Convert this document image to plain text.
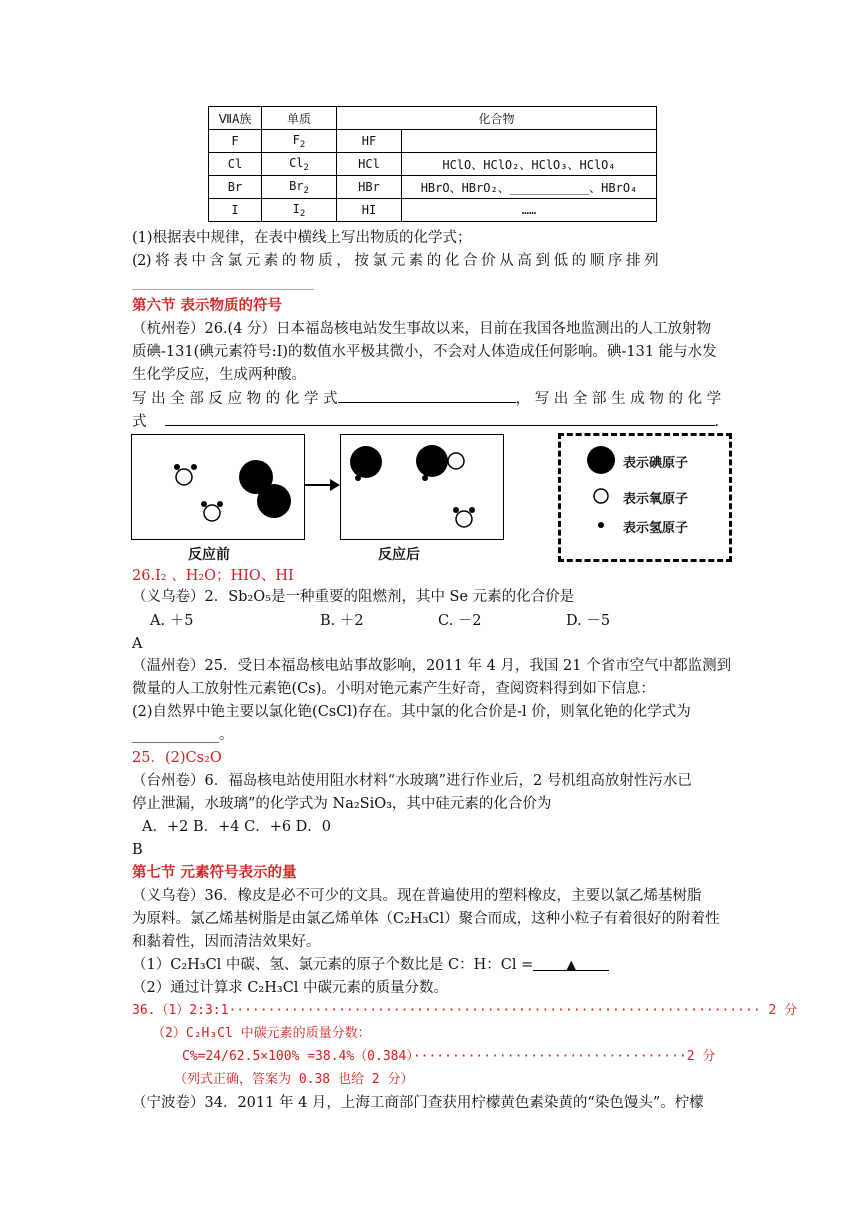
ⅦA族	单质	化合物	
F	$F_2$	HF	
Cl	$Cl_2$	HCl	HClO、HClO₂、HClO₃、HClO₄
Br	$Br_2$	HBr	HBrO、HBrO₂、___________、HBrO₄
I	$I_2$	HI	……
(1)根据表中规律，在表中横线上写出物质的化学式；
(2) 将 表 中 含 氯 元 素 的 物 质 ， 按 氯 元 素 的 化 合 价 从 高 到 低 的 顺 序 排 列
第六节 表示物质的符号
（杭州卷）26.(4 分）日本福岛核电站发生事故以来，目前在我国各地监测出的人工放射物
质碘-131(碘元素符号:I)的数值水平极其微小，不会对人体造成任何影响。碘-131 能与水发
生化学反应，生成两种酸。
写 出 全 部 反 应 物 的 化 学 式	， 写 出 全 部 生 成 物 的 化 学
式	.
反应前	反应后
表示碘原子
表示氧原子
表示氢原子
26.I₂ 、H₂O；HIO、HI
（义乌卷）2．Sb₂O₅是一种重要的阻燃剂，其中 Se 元素的化合价是
A. ＋5	B. ＋2	C. －2	D. －5
A
（温州卷）25．受日本福岛核电站事故影响，2011 年 4 月，我国 21 个省市空气中都监测到
微量的人工放射性元素铯(Cs)。小明对铯元素产生好奇，查阅资料得到如下信息：
(2)自然界中铯主要以氯化铯(CsCl)存在。其中氯的化合价是-l 价，则氧化铯的化学式为
____________。
25．(2)Cs₂O
（台州卷）6．福岛核电站使用阻水材料“水玻璃”进行作业后，2 号机组高放射性污水已
停止泄漏，水玻璃”的化学式为 Na₂SiO₃，其中硅元素的化合价为
A．+2 B．+4 C．+6 D．0
B
第七节 元素符号表示的量
（义乌卷）36．橡皮是必不可少的文具。现在普遍使用的塑料橡皮，主要以氯乙烯基树脂
为原料。氯乙烯基树脂是由氯乙烯单体（C₂H₃Cl）聚合而成，这种小粒子有着很好的附着性
和黏着性，因而清洁效果好。
（1）C₂H₃Cl 中碳、氢、氯元素的原子个数比是 C：H：Cl =	▲
（2）通过计算求 C₂H₃Cl 中碳元素的质量分数。
36.（1）2:3:1···································································· 2 分
（2）C₂H₃Cl 中碳元素的质量分数：
C%=24/62.5×100% =38.4%（0.384）···································2 分
（列式正确，答案为 0.38 也给 2 分）
（宁波卷）34．2011 年 4 月，上海工商部门查获用柠檬黄色素染黄的“染色馒头”。柠檬
